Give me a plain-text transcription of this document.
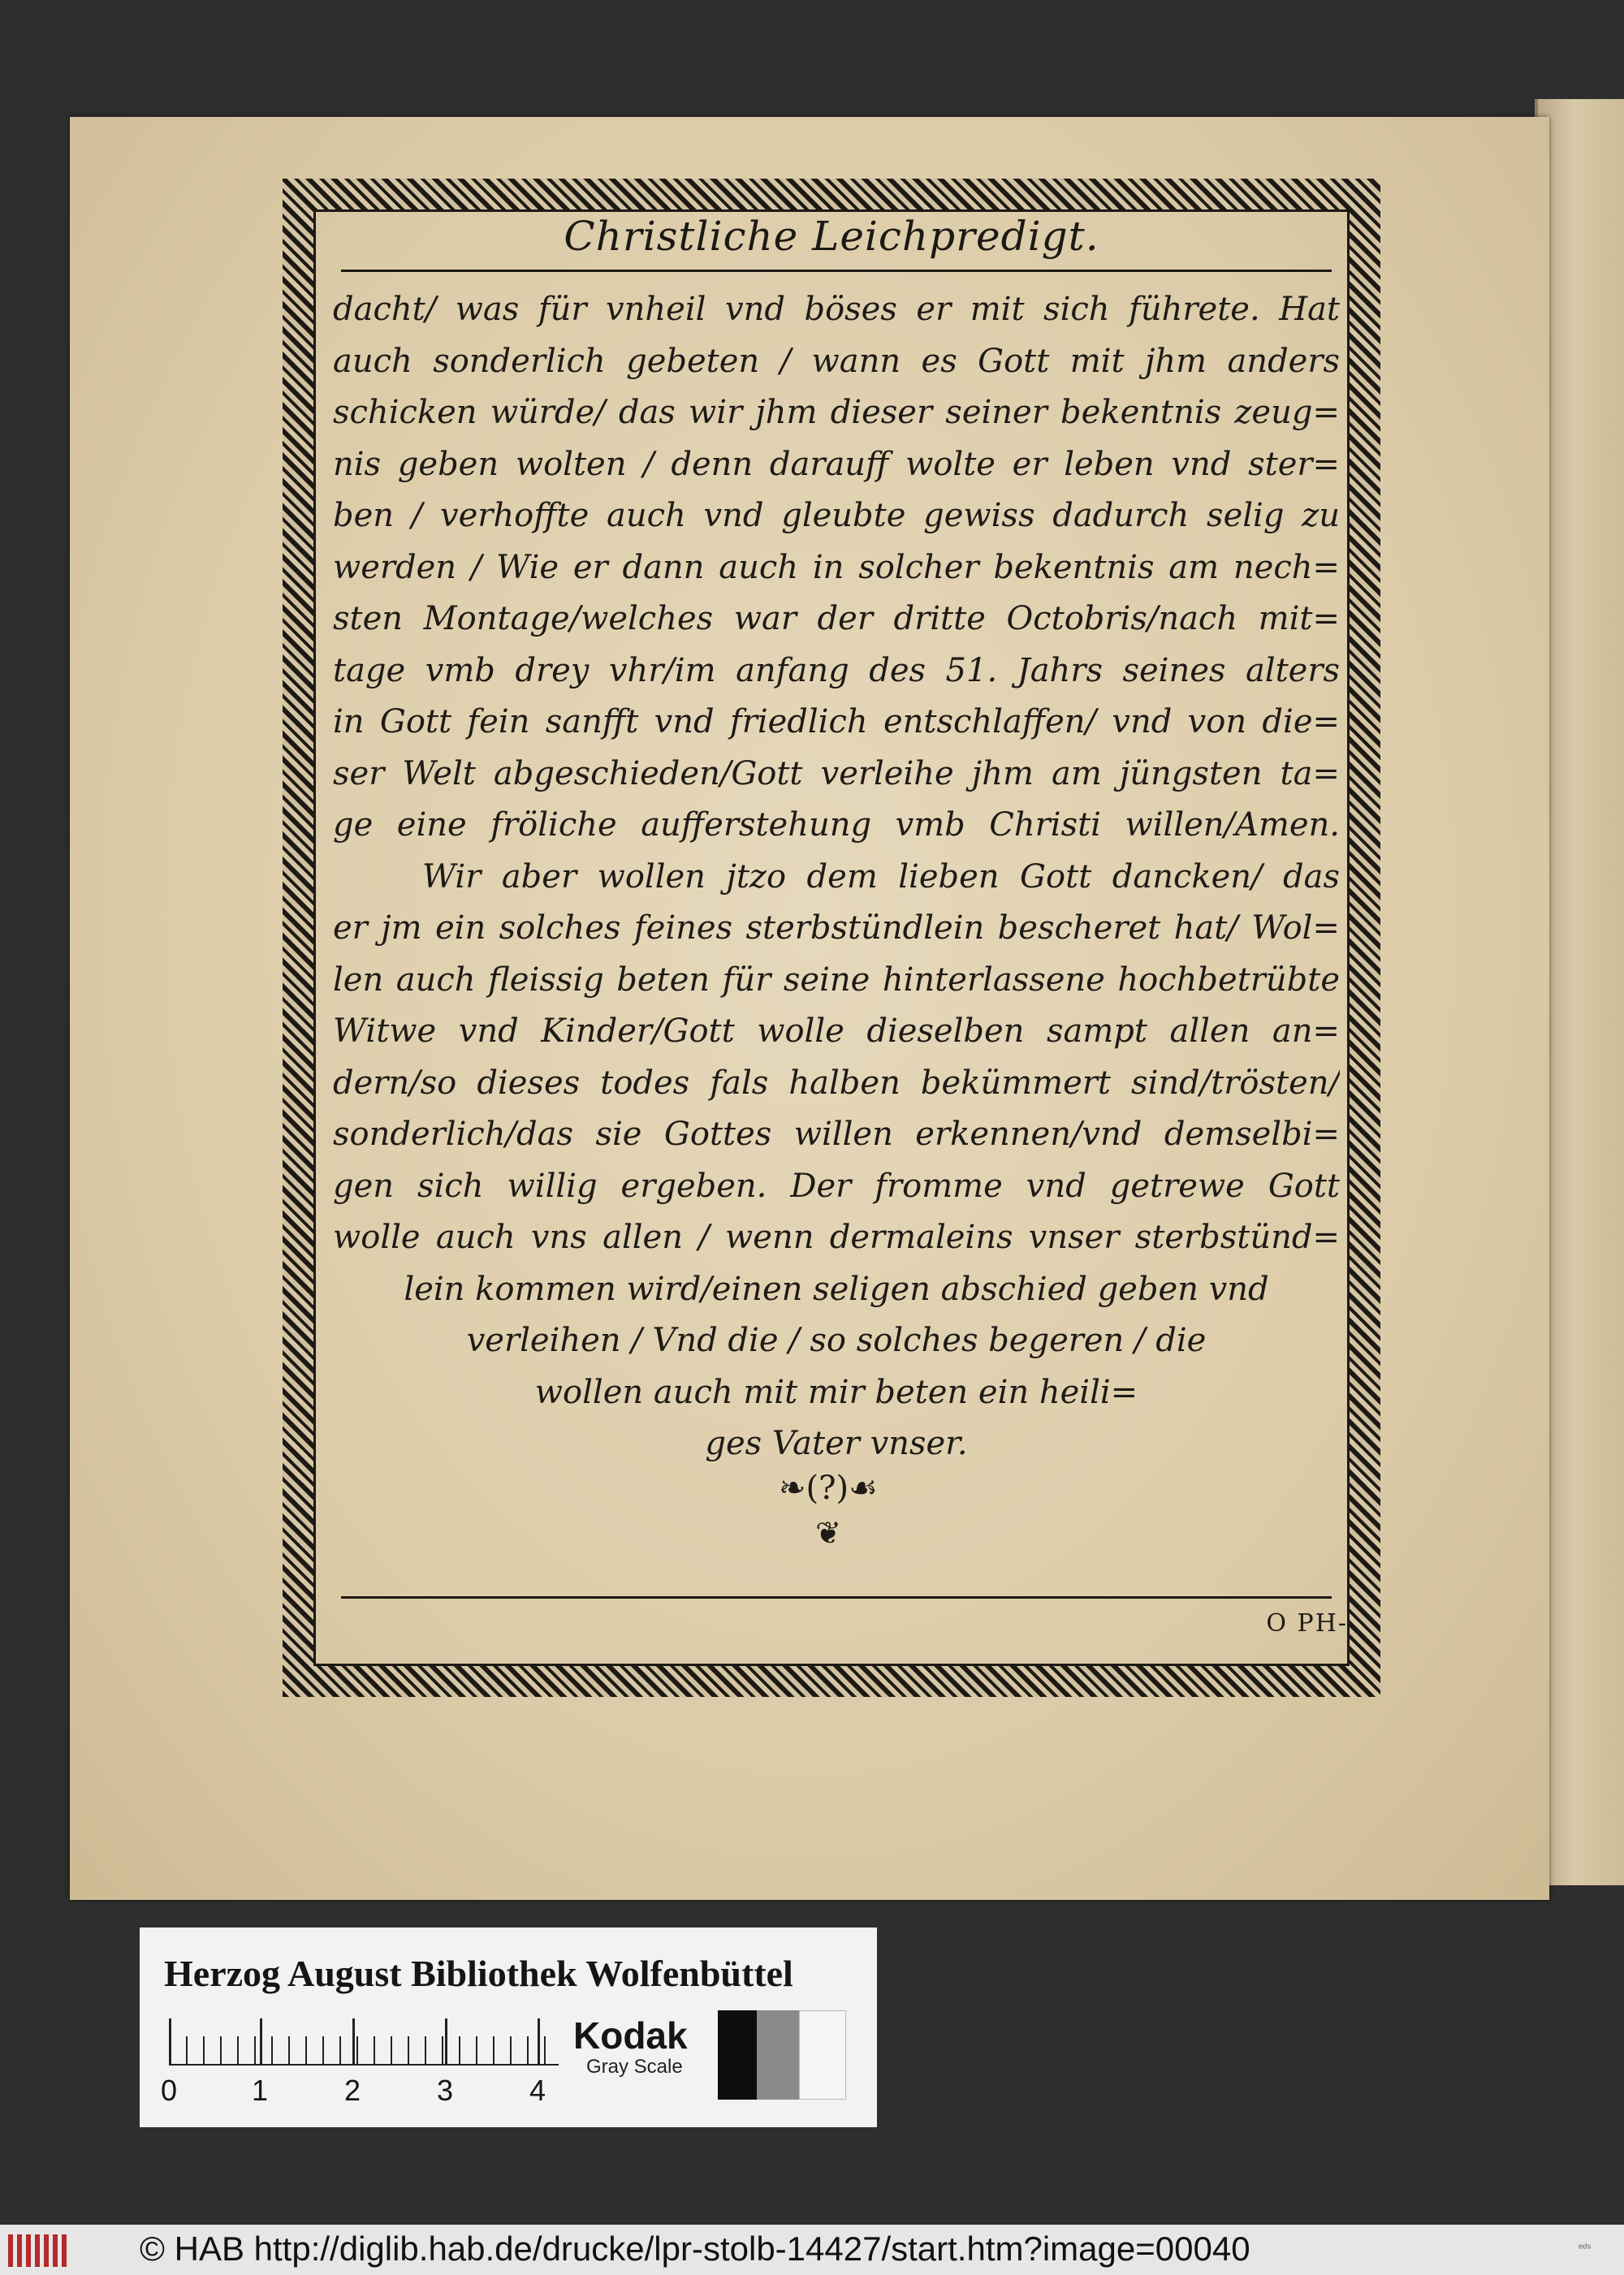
Christliche Leichpredigt.
dacht/ was für vnheil vnd böses er mit sich führete. Hat
auch sonderlich gebeten / wann es Gott mit jhm anders
schicken würde/ das wir jhm dieser seiner bekentnis zeug=
nis geben wolten / denn darauff wolte er leben vnd ster=
ben / verhoffte auch vnd gleubte gewiss dadurch selig zu
werden / Wie er dann auch in solcher bekentnis am nech=
sten Montage/welches war der dritte Octobris/nach mit=
tage vmb drey vhr/im anfang des 51. Jahrs seines alters
in Gott fein sanfft vnd friedlich entschlaffen/ vnd von die=
ser Welt abgeschieden/Gott verleihe jhm am jüngsten ta=
ge eine fröliche aufferstehung vmb Christi willen/Amen.
Wir aber wollen jtzo dem lieben Gott dancken/ das
er jm ein solches feines sterbstündlein bescheret hat/ Wol=
len auch fleissig beten für seine hinterlassene hochbetrübte
Witwe vnd Kinder/Gott wolle dieselben sampt allen an=
dern/so dieses todes fals halben bekümmert sind/trösten/
sonderlich/das sie Gottes willen erkennen/vnd demselbi=
gen sich willig ergeben. Der fromme vnd getrewe Gott
wolle auch vns allen / wenn dermaleins vnser sterbstünd=
lein kommen wird/einen seligen abschied geben vnd
verleihen / Vnd die / so solches begeren / die
wollen auch mit mir beten ein heili=
ges Vater vnser.
❧(?)☙
❦
O PH-
Herzog August Bibliothek Wolfenbüttel
0	1	2	3	4
Kodak
Gray Scale
© HAB http://diglib.hab.de/drucke/lpr-stolb-14427/start.htm?image=00040	ᵉᵈˢ
